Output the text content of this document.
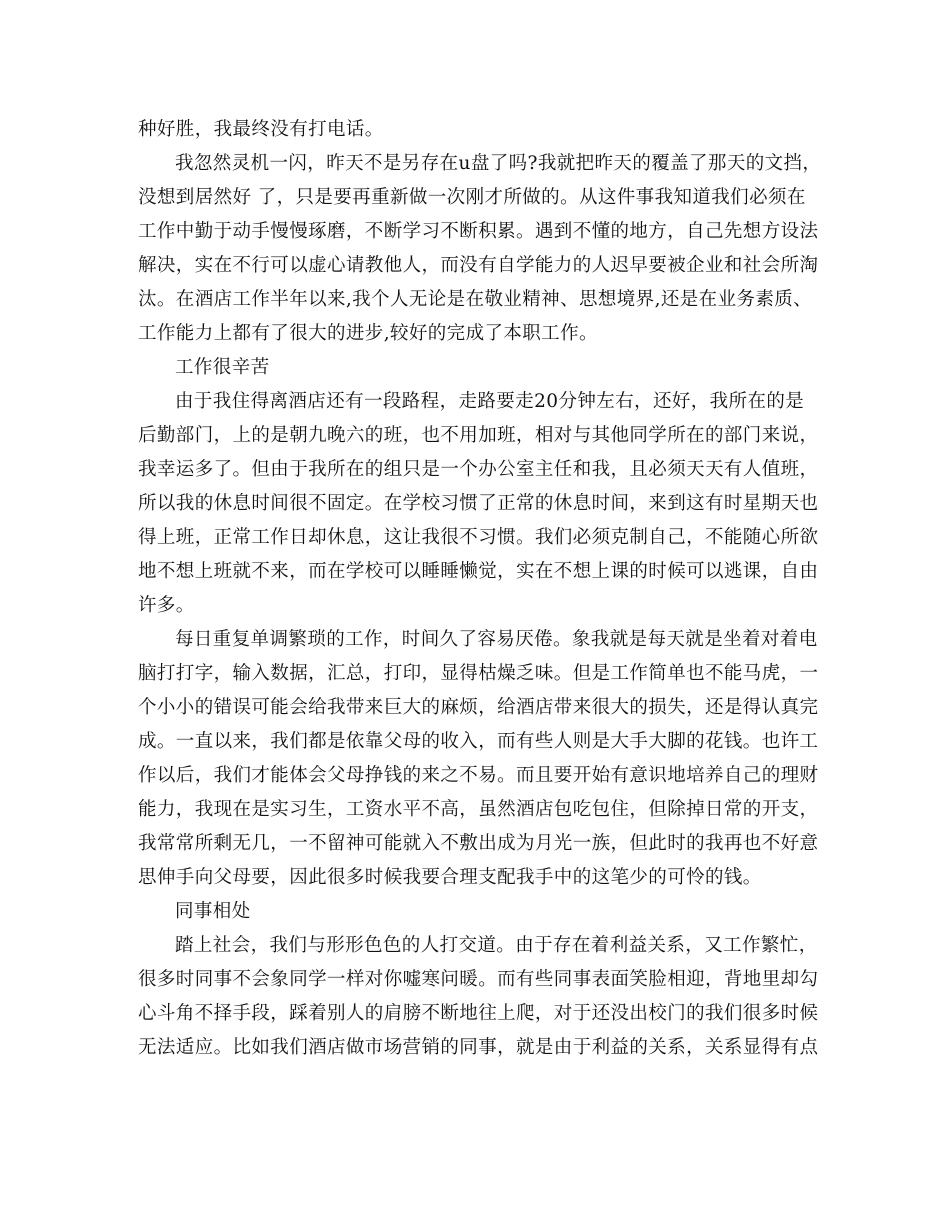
种好胜，我最终没有打电话。
我忽然灵机一闪，昨天不是另存在u盘了吗?我就把昨天的覆盖了那天的文挡，
没想到居然好 了，只是要再重新做一次刚才所做的。从这件事我知道我们必须在
工作中勤于动手慢慢琢磨，不断学习不断积累。遇到不懂的地方，自己先想方设法
解决，实在不行可以虚心请教他人，而没有自学能力的人迟早要被企业和社会所淘
汰。在酒店工作半年以来,我个人无论是在敬业精神、思想境界,还是在业务素质、
工作能力上都有了很大的进步,较好的完成了本职工作。
工作很辛苦
由于我住得离酒店还有一段路程，走路要走20分钟左右，还好，我所在的是
后勤部门，上的是朝九晚六的班，也不用加班，相对与其他同学所在的部门来说，
我幸运多了。但由于我所在的组只是一个办公室主任和我，且必须天天有人值班，
所以我的休息时间很不固定。在学校习惯了正常的休息时间，来到这有时星期天也
得上班，正常工作日却休息，这让我很不习惯。我们必须克制自己，不能随心所欲
地不想上班就不来，而在学校可以睡睡懒觉，实在不想上课的时候可以逃课，自由
许多。
每日重复单调繁琐的工作，时间久了容易厌倦。象我就是每天就是坐着对着电
脑打打字，输入数据，汇总，打印，显得枯燥乏味。但是工作简单也不能马虎，一
个小小的错误可能会给我带来巨大的麻烦，给酒店带来很大的损失，还是得认真完
成。一直以来，我们都是依靠父母的收入，而有些人则是大手大脚的花钱。也许工
作以后，我们才能体会父母挣钱的来之不易。而且要开始有意识地培养自己的理财
能力，我现在是实习生，工资水平不高，虽然酒店包吃包住，但除掉日常的开支，
我常常所剩无几，一不留神可能就入不敷出成为月光一族，但此时的我再也不好意
思伸手向父母要，因此很多时候我要合理支配我手中的这笔少的可怜的钱。
同事相处
踏上社会，我们与形形色色的人打交道。由于存在着利益关系，又工作繁忙，
很多时同事不会象同学一样对你嘘寒问暖。而有些同事表面笑脸相迎，背地里却勾
心斗角不择手段，踩着别人的肩膀不断地往上爬，对于还没出校门的我们很多时候
无法适应。比如我们酒店做市场营销的同事，就是由于利益的关系，关系显得有点
